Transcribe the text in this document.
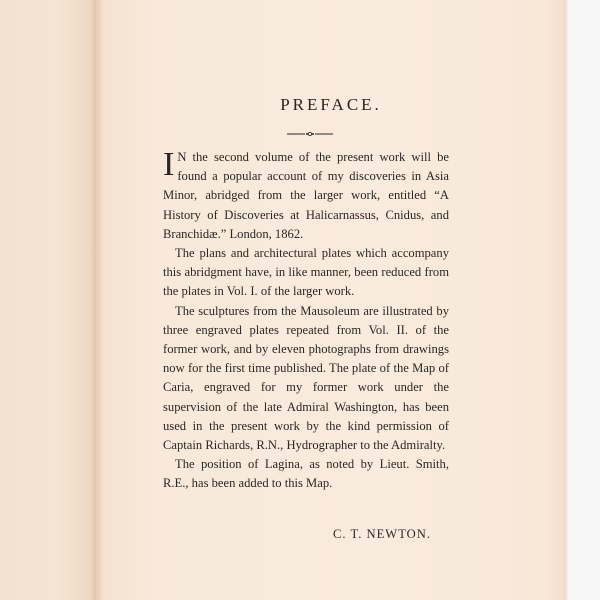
PREFACE.

I N the second volume of the present work will be found a popular account of my discoveries in Asia Minor, abridged from the larger work, entitled “A History of Discoveries at Halicarnassus, Cnidus, and Branchidæ.” London, 1862.

The plans and architectural plates which accompany this abridgment have, in like manner, been reduced from the plates in Vol. I. of the larger work.

The sculptures from the Mausoleum are illustrated by three engraved plates repeated from Vol. II. of the former work, and by eleven photographs from drawings now for the first time published. The plate of the Map of Caria, engraved for my former work under the supervision of the late Admiral Washington, has been used in the present work by the kind permission of Captain Richards, R.N., Hydrographer to the Admiralty.

The position of Lagina, as noted by Lieut. Smith, R.E., has been added to this Map.

C. T. NEWTON.
